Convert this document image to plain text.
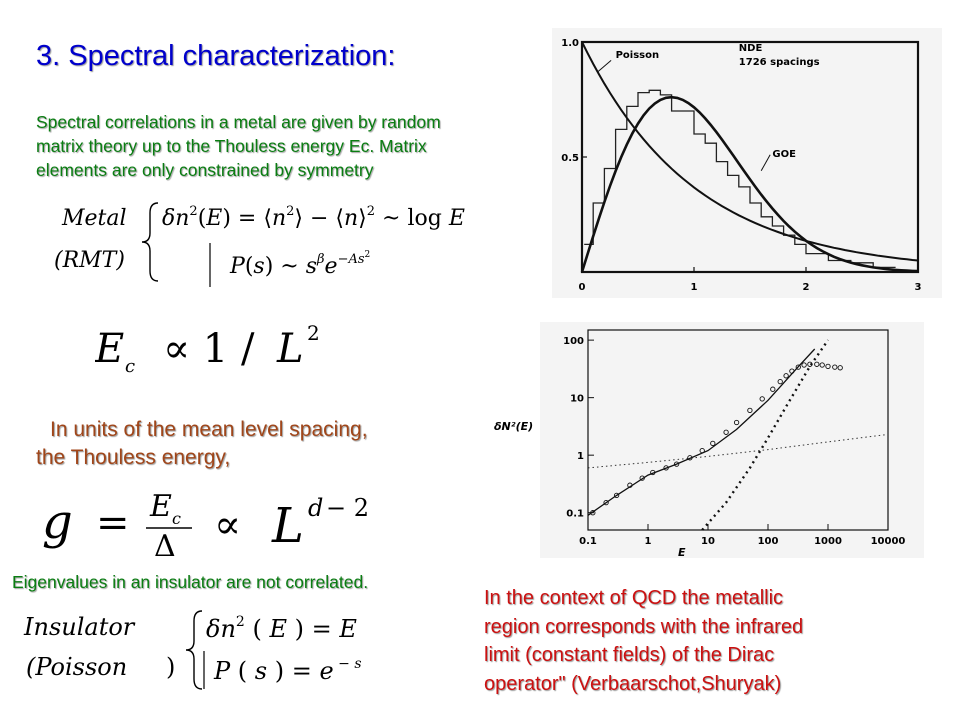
3. Spectral characterization:
Spectral correlations in a metal are given by random
matrix theory up to the Thouless energy Ec. Matrix
elements are only constrained by symmetry
In units of the mean level spacing,
the Thouless energy,
Eigenvalues in an insulator are not correlated.
In the context of QCD the metallic
region corresponds with the infrared
limit (constant fields) of the Dirac
operator" (Verbaarschot,Shuryak)
Metal
(RMT)
$\delta n^2(E)$ = $⟨n^2⟩$ − ⟨n⟩$^2$ ~ log E
P(s) ~ $s^\beta e^{-As2}$
E c ∝ 1 / L 2
g = E c
Δ ∝ L d − 2
Insulator
(Poisson )
$\delta n^2$ ( E ) = E
P ( s ) = e − s
0	1	2	3
0.5
1.0
Poisson
NDE
1726 spacings
GOE
0.1	1	10	100	1000	10000
0.1
1
10
100
E
δN²(E)
